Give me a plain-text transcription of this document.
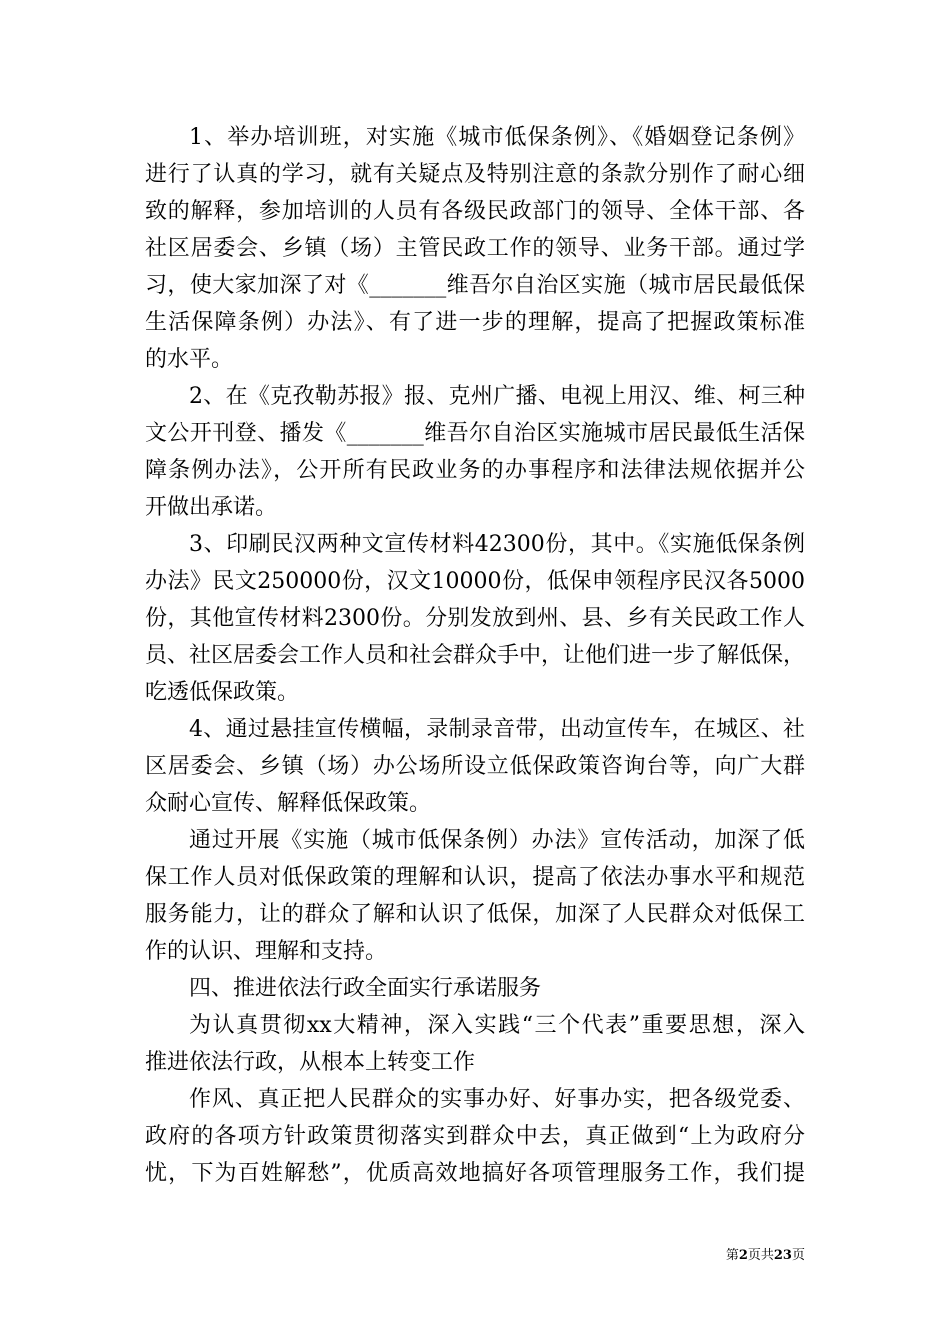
1、举办培训班，对实施《城市低保条例》、《婚姻登记条例》
进行了认真的学习，就有关疑点及特别注意的条款分别作了耐心细
致的解释，参加培训的人员有各级民政部门的领导、全体干部、各
社区居委会、乡镇（场）主管民政工作的领导、业务干部。通过学
习，使大家加深了对《_______维吾尔自治区实施（城市居民最低保
生活保障条例）办法》、有了进一步的理解，提高了把握政策标准
的水平。
2、在《克孜勒苏报》报、克州广播、电视上用汉、维、柯三种
文公开刊登、播发《_______维吾尔自治区实施城市居民最低生活保
障条例办法》，公开所有民政业务的办事程序和法律法规依据并公
开做出承诺。
3、印刷民汉两种文宣传材料42300份，其中。《实施低保条例
办法》民文250000份，汉文10000份，低保申领程序民汉各5000
份，其他宣传材料2300份。分别发放到州、县、乡有关民政工作人
员、社区居委会工作人员和社会群众手中，让他们进一步了解低保，
吃透低保政策。
4、通过悬挂宣传横幅，录制录音带，出动宣传车，在城区、社
区居委会、乡镇（场）办公场所设立低保政策咨询台等，向广大群
众耐心宣传、解释低保政策。
通过开展《实施（城市低保条例）办法》宣传活动，加深了低
保工作人员对低保政策的理解和认识，提高了依法办事水平和规范
服务能力，让的群众了解和认识了低保，加深了人民群众对低保工
作的认识、理解和支持。
四、推进依法行政全面实行承诺服务
为认真贯彻xx大精神，深入实践“三个代表”重要思想，深入
推进依法行政，从根本上转变工作
作风、真正把人民群众的实事办好、好事办实，把各级党委、
政府的各项方针政策贯彻落实到群众中去，真正做到“上为政府分
忧，下为百姓解愁”，优质高效地搞好各项管理服务工作，我们提
第2页共23页
